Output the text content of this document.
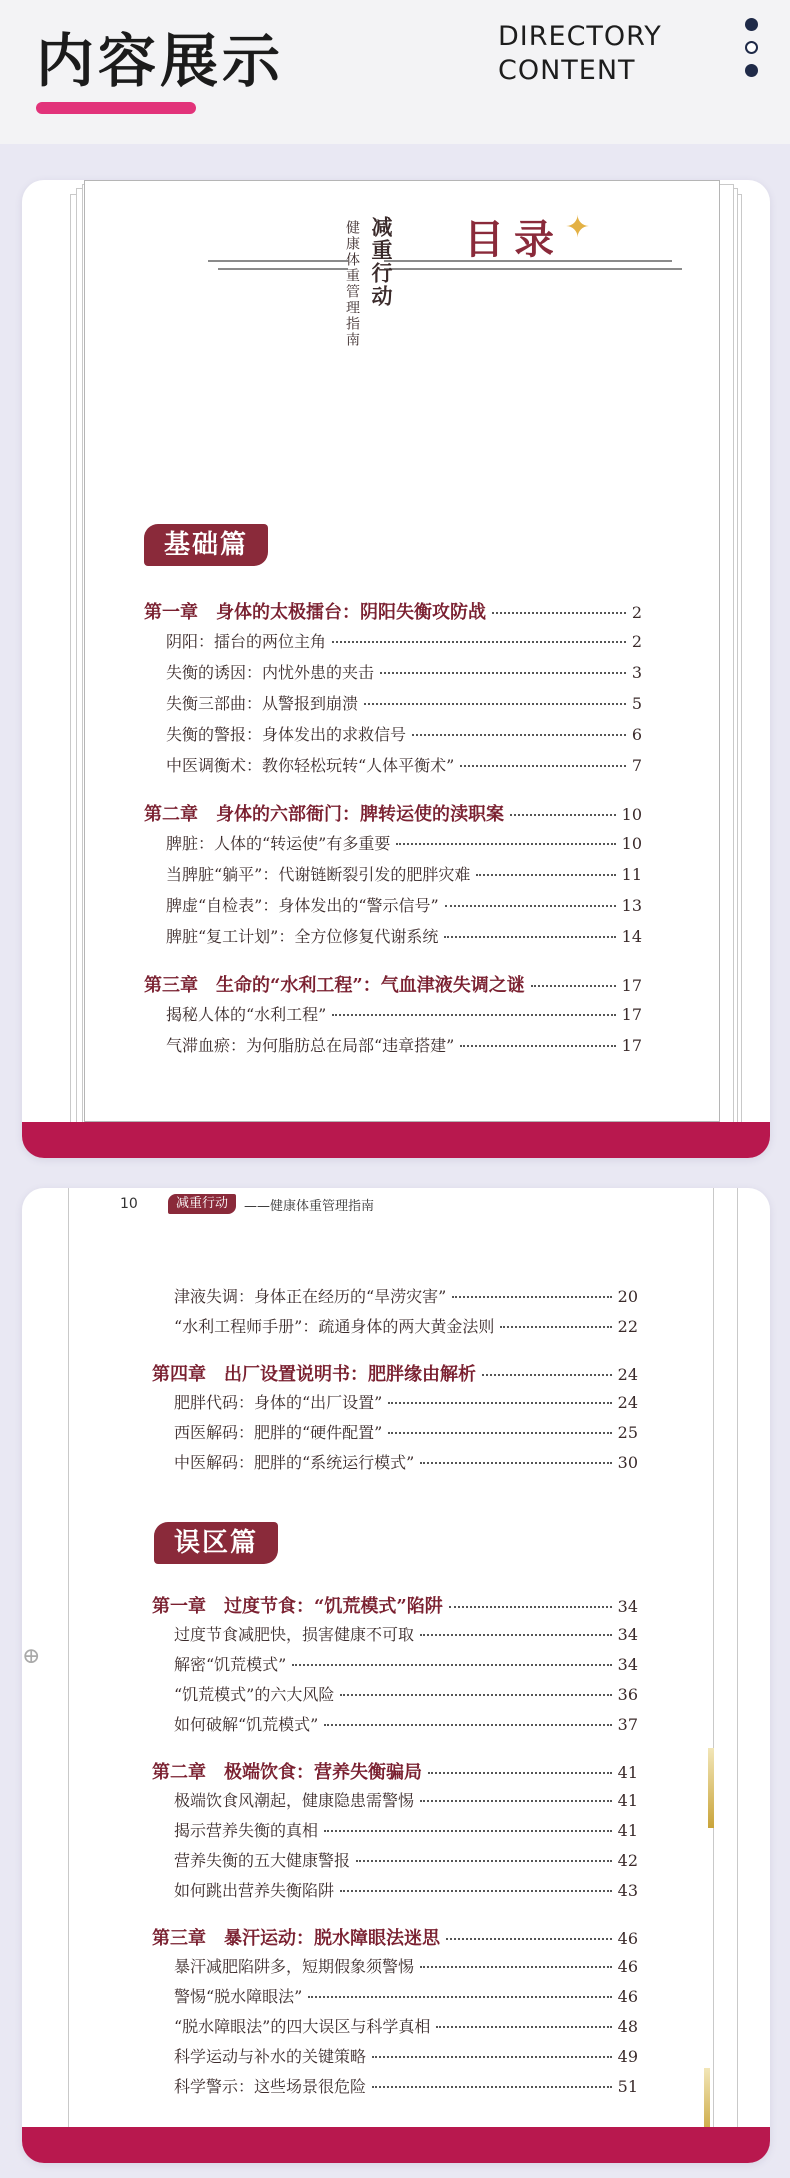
内容展示	DIRECTORY
CONTENT
目录 ✦
减重行动
健康体重管理指南
基础篇
第一章　身体的太极擂台：阴阳失衡攻防战	2
阴阳：擂台的两位主角	2
失衡的诱因：内忧外患的夹击	3
失衡三部曲：从警报到崩溃	5
失衡的警报：身体发出的求救信号	6
中医调衡术：教你轻松玩转“人体平衡术”	7
第二章　身体的六部衙门：脾转运使的渎职案	10
脾脏：人体的“转运使”有多重要	10
当脾脏“躺平”：代谢链断裂引发的肥胖灾难	11
脾虚“自检表”：身体发出的“警示信号”	13
脾脏“复工计划”：全方位修复代谢系统	14
第三章　生命的“水利工程”：气血津液失调之谜	17
揭秘人体的“水利工程”	17
气滞血瘀：为何脂肪总在局部“违章搭建”	17
10	减重行动	——健康体重管理指南
⊕
津液失调：身体正在经历的“旱涝灾害”	20
“水利工程师手册”：疏通身体的两大黄金法则	22
第四章　出厂设置说明书：肥胖缘由解析	24
肥胖代码：身体的“出厂设置”	24
西医解码：肥胖的“硬件配置”	25
中医解码：肥胖的“系统运行模式”	30
误区篇
第一章　过度节食：“饥荒模式”陷阱	34
过度节食减肥快，损害健康不可取	34
解密“饥荒模式”	34
“饥荒模式”的六大风险	36
如何破解“饥荒模式”	37
第二章　极端饮食：营养失衡骗局	41
极端饮食风潮起，健康隐患需警惕	41
揭示营养失衡的真相	41
营养失衡的五大健康警报	42
如何跳出营养失衡陷阱	43
第三章　暴汗运动：脱水障眼法迷思	46
暴汗减肥陷阱多，短期假象须警惕	46
警惕“脱水障眼法”	46
“脱水障眼法”的四大误区与科学真相	48
科学运动与补水的关键策略	49
科学警示：这些场景很危险	51
